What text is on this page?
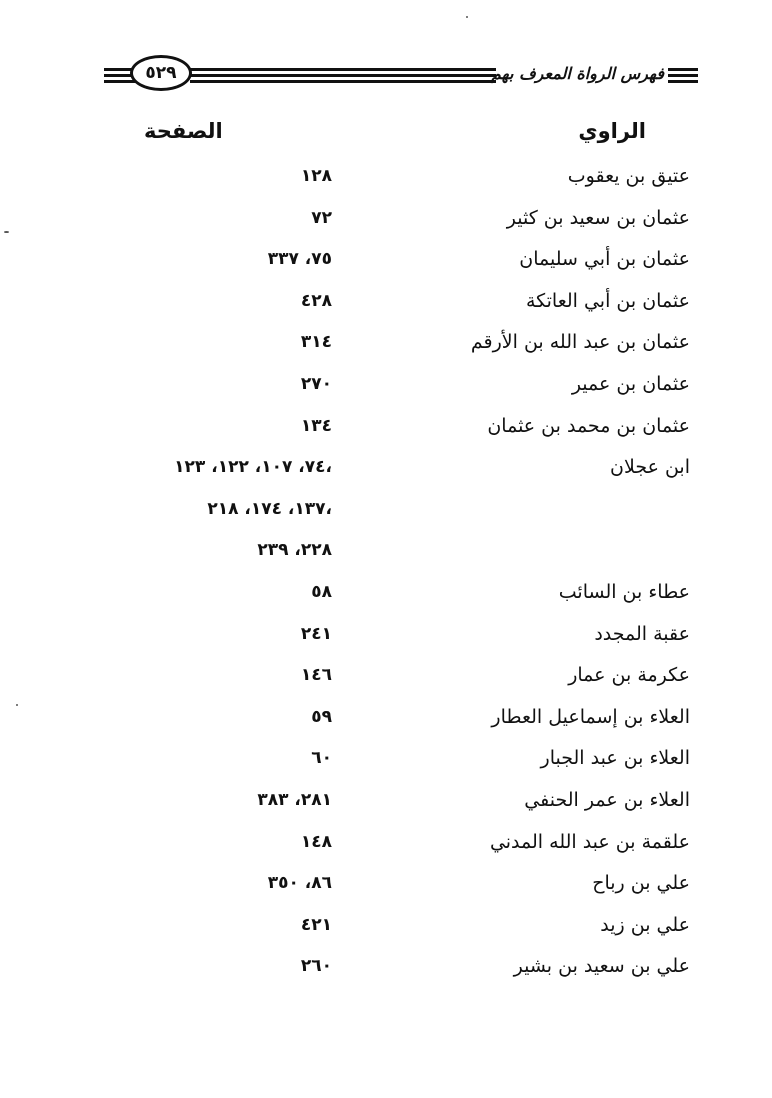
٥٢٩	فهرس الرواة المعرف بهم
الراوي
الصفحة
عتيق بن يعقوب
١٢٨
عثمان بن سعيد بن كثير
٧٢
عثمان بن أبي سليمان
٧٥، ٣٣٧
عثمان بن أبي العاتكة
٤٢٨
عثمان بن عبد الله بن الأرقم
٣١٤
عثمان بن عمير
٢٧٠
عثمان بن محمد بن عثمان
١٣٤
ابن عجلان
٧٤، ١٠٧، ١٢٢، ١٢٣،
١٣٧، ١٧٤، ٢١٨،
٢٢٨، ٢٣٩
عطاء بن السائب
٥٨
عقبة المجدد
٢٤١
عكرمة بن عمار
١٤٦
العلاء بن إسماعيل العطار
٥٩
العلاء بن عبد الجبار
٦٠
العلاء بن عمر الحنفي
٢٨١، ٣٨٣
علقمة بن عبد الله المدني
١٤٨
علي بن رباح
٨٦، ٣٥٠
علي بن زيد
٤٢١
علي بن سعيد بن بشير
٢٦٠
